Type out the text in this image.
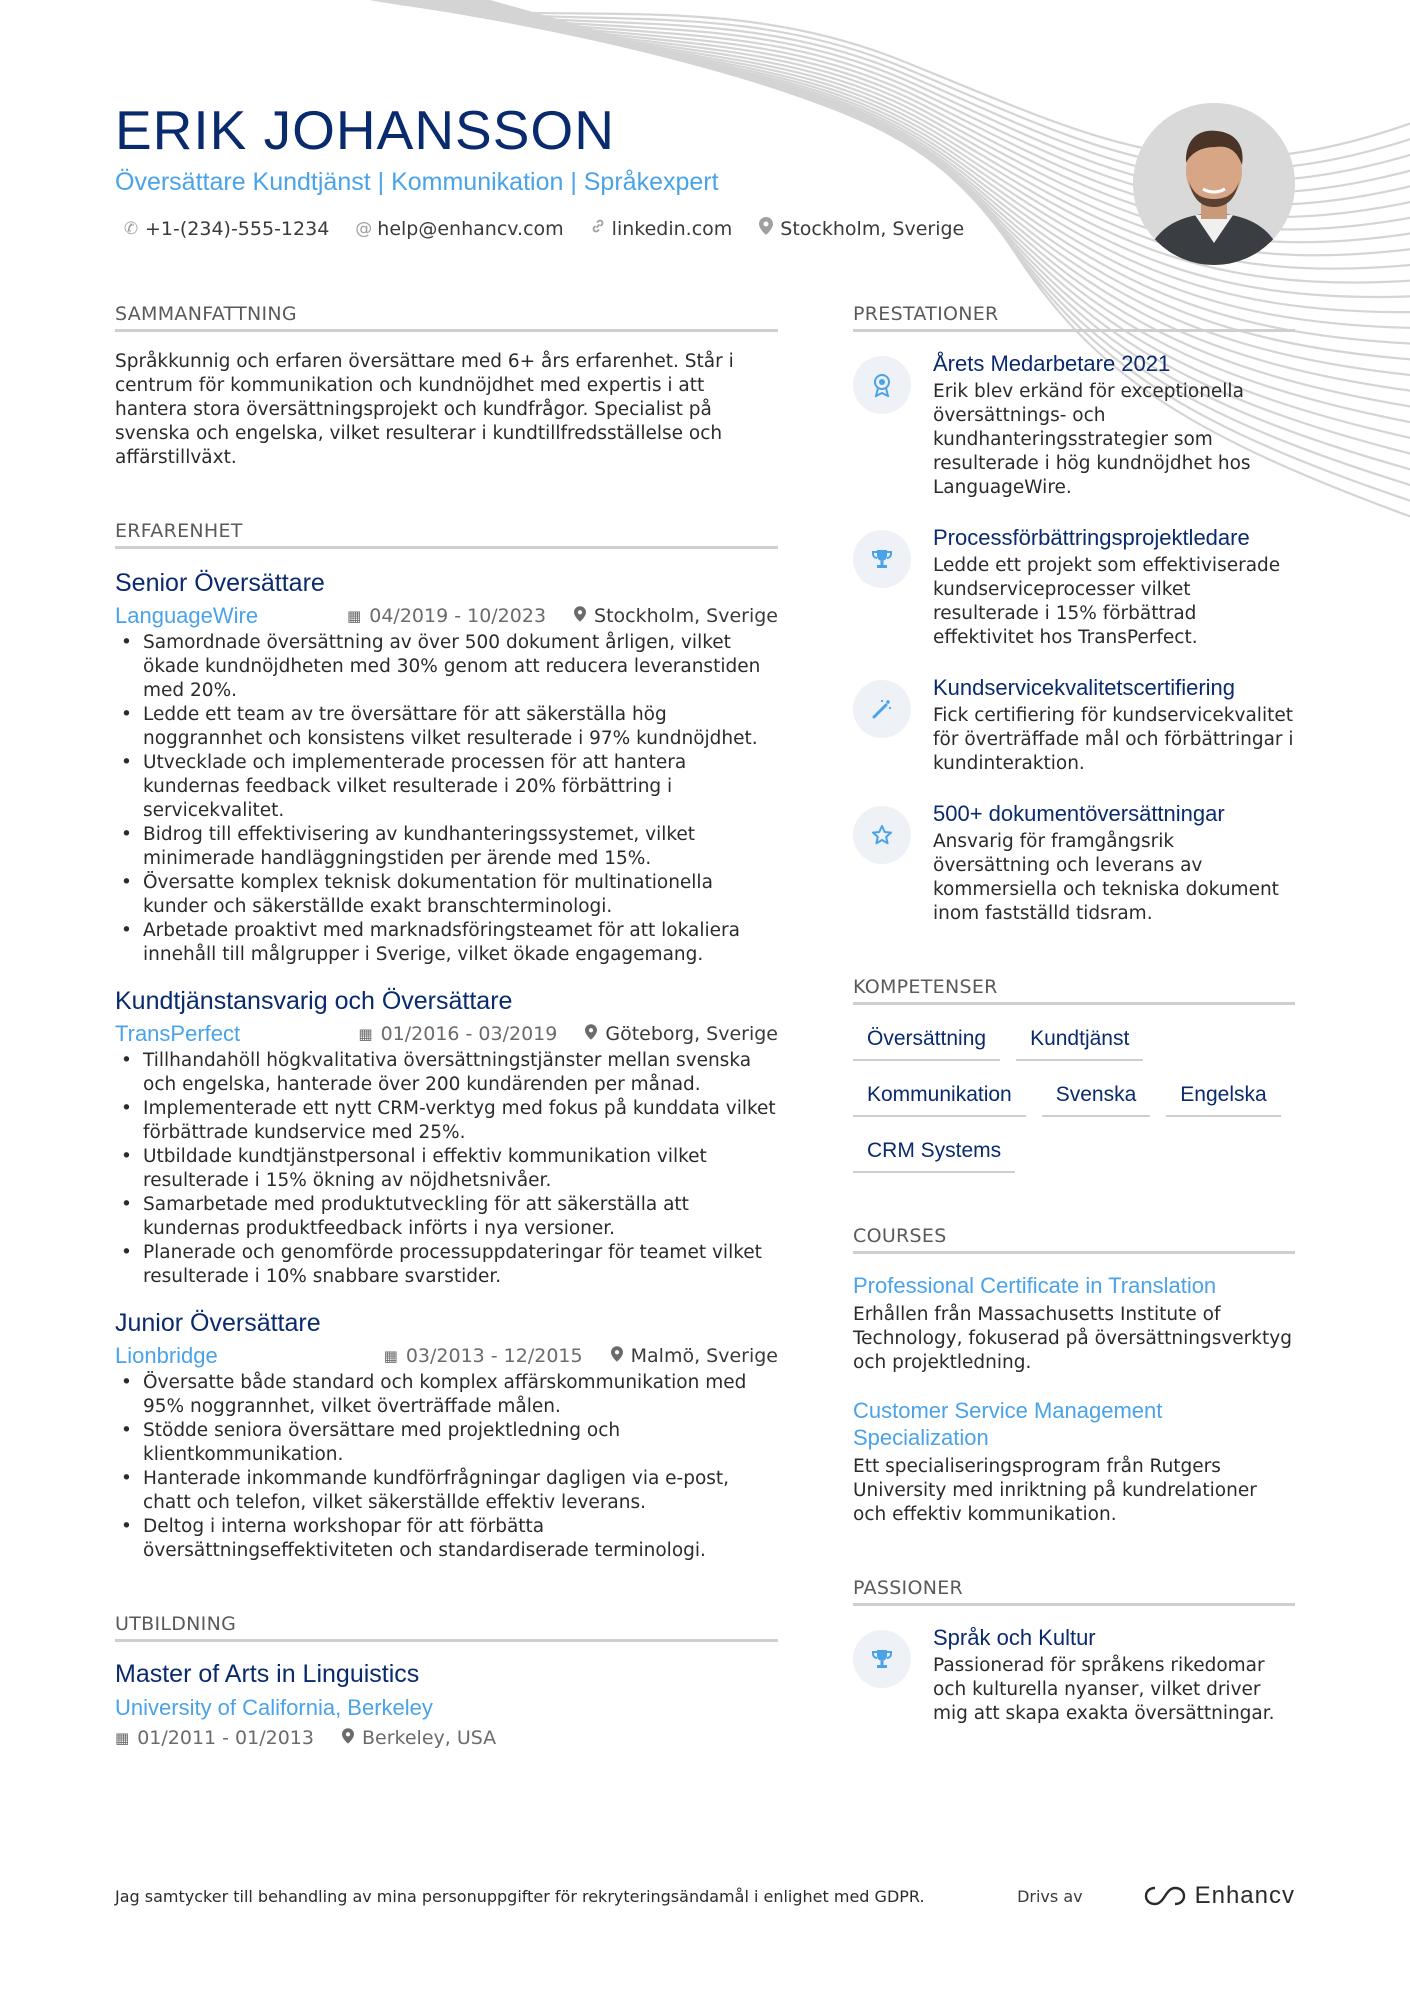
ERIK JOHANSSON
Översättare Kundtjänst | Kommunikation | Språkexpert
✆ +1-(234)-555-1234 @ help@enhancv.com	linkedin.com	Stockholm, Sverige
SAMMANFATTNING
Språkkunnig och erfaren översättare med 6+ års erfarenhet. Står i centrum för kommunikation och kundnöjdhet med expertis i att hantera stora översättningsprojekt och kundfrågor. Specialist på svenska och engelska, vilket resulterar i kundtillfredsställelse och affärstillväxt.
ERFARENHET
Senior Översättare
LanguageWire	▦ 04/2019 - 10/2023	Stockholm, Sverige
• Samordnade översättning av över 500 dokument årligen, vilket ökade kundnöjdheten med 30% genom att reducera leveranstiden med 20%.
• Ledde ett team av tre översättare för att säkerställa hög noggrannhet och konsistens vilket resulterade i 97% kundnöjdhet.
• Utvecklade och implementerade processen för att hantera kundernas feedback vilket resulterade i 20% förbättring i servicekvalitet.
• Bidrog till effektivisering av kundhanteringssystemet, vilket minimerade handläggningstiden per ärende med 15%.
• Översatte komplex teknisk dokumentation för multinationella kunder och säkerställde exakt branschterminologi.
• Arbetade proaktivt med marknadsföringsteamet för att lokaliera innehåll till målgrupper i Sverige, vilket ökade engagemang.
Kundtjänstansvarig och Översättare
TransPerfect	▦ 01/2016 - 03/2019	Göteborg, Sverige
• Tillhandahöll högkvalitativa översättningstjänster mellan svenska och engelska, hanterade över 200 kundärenden per månad.
• Implementerade ett nytt CRM-verktyg med fokus på kunddata vilket förbättrade kundservice med 25%.
• Utbildade kundtjänstpersonal i effektiv kommunikation vilket resulterade i 15% ökning av nöjdhetsnivåer.
• Samarbetade med produktutveckling för att säkerställa att kundernas produktfeedback införts i nya versioner.
• Planerade och genomförde processuppdateringar för teamet vilket resulterade i 10% snabbare svarstider.
Junior Översättare
Lionbridge	▦ 03/2013 - 12/2015	Malmö, Sverige
• Översatte både standard och komplex affärskommunikation med 95% noggrannhet, vilket överträffade målen.
• Stödde seniora översättare med projektledning och klientkommunikation.
• Hanterade inkommande kundförfrågningar dagligen via e-post, chatt och telefon, vilket säkerställde effektiv leverans.
• Deltog i interna workshopar för att förbätta översättningseffektiviteten och standardiserade terminologi.
UTBILDNING
Master of Arts in Linguistics
University of California, Berkeley
▦ 01/2011 - 01/2013	Berkeley, USA
PRESTATIONER
Årets Medarbetare 2021
Erik blev erkänd för exceptionella översättnings- och kundhanteringsstrategier som resulterade i hög kundnöjdhet hos LanguageWire.
Processförbättringsprojektledare
Ledde ett projekt som effektiviserade kundserviceprocesser vilket resulterade i 15% förbättrad effektivitet hos TransPerfect.
Kundservicekvalitetscertifiering
Fick certifiering för kundservicekvalitet för överträffade mål och förbättringar i kundinteraktion.
500+ dokumentöversättningar
Ansvarig för framgångsrik översättning och leverans av kommersiella och tekniska dokument inom fastställd tidsram.
KOMPETENSER
Översättning	Kundtjänst
Kommunikation	Svenska	Engelska
CRM Systems
COURSES
Professional Certificate in Translation
Erhållen från Massachusetts Institute of Technology, fokuserad på översättningsverktyg och projektledning.
Customer Service Management Specialization
Ett specialiseringsprogram från Rutgers University med inriktning på kundrelationer och effektiv kommunikation.
PASSIONER
Språk och Kultur
Passionerad för språkens rikedomar och kulturella nyanser, vilket driver mig att skapa exakta översättningar.
Jag samtycker till behandling av mina personuppgifter för rekryteringsändamål i enlighet med GDPR.	Drivs av	Enhancv
